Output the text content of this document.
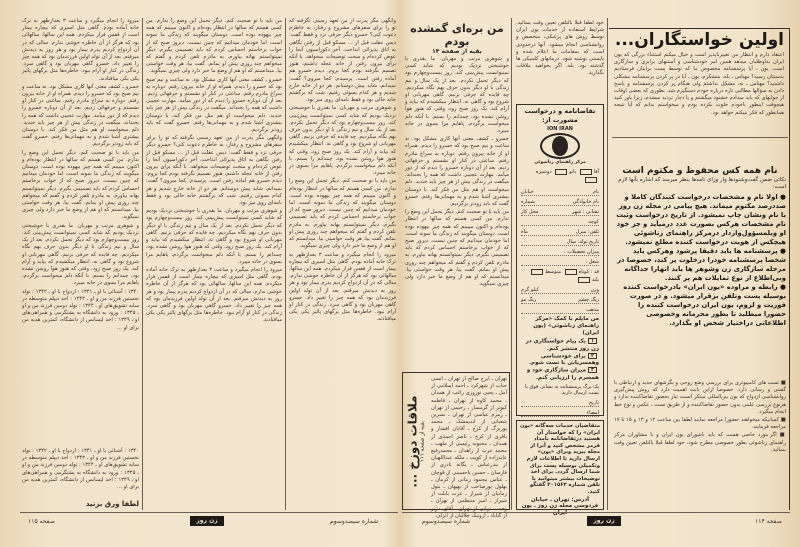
وانگهی مگر پدرت از من تعهد رسمی نگرفته که تو را برای سفرهای مشروح و رفتار، به خاطرم دعوت کنی؟ خسرو دیگر حرفی نزد و فقط گفت: دیس عقلت قبل از ... مسکو قبل از رفتن نگاهی به اتاق پذیرائی انداخت. آخر دکوراسیون آنجا را عوض کرده‌ام و سخت توضیحات میخواهد. با آنکه برای بیرون رفتن از خانه عجله داشتم، هنوز تصمیم نگرفته بودم کجا بروم. دیدم خسرو هم آماده رفتن است. پرسیدم: کجا میروی؟ گفت: نمیدانم، شاید پیش دوستانم. هر دو از خانه خارج شدیم و هر کدام بسوئی رفتیم. شب که برگشتم خانه خالی بود و فقط نامه‌ای روی میز بود.

و شوهری مرتب و مهربان. ما بقدری با خوشبختی نزدیک بودیم که شاید کسی نمیتوانست پیش‌بینی کند. روز بیست‌وچهارم بود که دیگر تحمل نکردم. بعد از یک سال و نیم زندگی با او دیگر بدون حرف بهم نگاه میکردیم. چه فایده که حرفی بزنیم. گاهی مهربانی او شروع بود و گاهی نه. انتظار میکشیدم که بیاید و آرام کند. یک روز صبح زود، وقتی که هنوز هوا روشن نشده بود، چمدانم را بستم. با آنکه دلم میخواست برگردم، پاهایم مرا بسوی در خانه میبرد.

من باید با تو صحبت کنم. دیگر تحمل این وضع را ندارم. من کسی هستم که سالها در انتظار بوده‌ام و اکنون میبینم که همه چیز بیهوده بوده است. دوستان میگویند که زندگی ما نمونه است، اما خودمان میدانیم که چنین نیست. دیروز صبح که از خواب برخاستم احساس کردم که باید تصمیمی بگیرم. دیگر نمیتوانستم بهانه بیاورم. به مادرم تلفن کردم و گفتم که میخواهم چند روزی پیش او بمانم. گفت بیا، هر وقت خواستی بیا. میدانستم که او هم از وضع ما خبر دارد ولی چیزی نمیگوید.

میرود را انجام میگیرد و ساعت ۳ بعدازظهر به ترک خانه آماده بودم. گاهی مثل اسیری که بیچاره بیمار است از قفس فرار میکردم. همه این سالها، سالهائی بود که هرگز از آن خاطره خوشی ندارم. سالی که در آن ازدواج کردیم پدرم بیمار بود و هر روز به دیدنش میرفتم. بعد از آن تولد اولین فرزندمان بود که همه چیز را تغییر داد. خسرو گاهی مهربان بود و گاهی سرد. زندگی در کنار او آرام نبود. خاطره‌ها مثل برگهای پائیز یکی یکی میافتادند.

من باید با تو صحبت کنم. دیگر تحمل این وضع را ندارم. من کسی هستم که سالها در انتظار بوده‌ام و اکنون میبینم که همه چیز بیهوده بوده است. دوستان میگویند که زندگی ما نمونه است، اما خودمان میدانیم که چنین نیست. دیروز صبح که از خواب برخاستم احساس کردم که باید تصمیمی بگیرم. دیگر نمیتوانستم بهانه بیاورم. به مادرم تلفن کردم و گفتم که میخواهم چند روزی پیش او بمانم. گفت بیا، هر وقت خواستی بیا. میدانستم که او هم از وضع ما خبر دارد ولی چیزی نمیگوید.

خسرو ـ کشف معنی آنها کاری مشکل بود. نه ساعت و نیم صبح بود که خسرو را دیدم. همراه او از خانه بیرون رفتم. دوباره به سراغ مادرم رفتم. ساعتی در کنار او نشستم و حرفهائی زدیم. بعد از آن دوباره خسرو را دیدم که از دور میآمد. مهارت عجیبی داشت که همه را بخنداند. میگفت در زندگی بیش از هر چیز باید خندید. دلم میخواست او هم مثل من فکر کند. با دوستان بیشتری آشنا شدم و به مهمانی‌ها رفتم. خسرو گفت که باید زودتر برگردیم.

وانگهی مگر پدرت از من تعهد رسمی نگرفته که تو را برای سفرهای مشروح و رفتار، به خاطرم دعوت کنی؟ خسرو دیگر حرفی نزد و فقط گفت: دیس عقلت قبل از ... مسکو قبل از رفتن نگاهی به اتاق پذیرائی انداخت. آخر دکوراسیون آنجا را عوض کرده‌ام و سخت توضیحات میخواهد. با آنکه برای بیرون رفتن از خانه عجله داشتم، هنوز تصمیم نگرفته بودم کجا بروم. دیدم خسرو هم آماده رفتن است. پرسیدم: کجا میروی؟ گفت: نمیدانم، شاید پیش دوستانم. هر دو از خانه خارج شدیم و هر کدام بسوئی رفتیم. شب که برگشتم خانه خالی بود و فقط نامه‌ای روی میز بود.

و شوهری مرتب و مهربان. ما بقدری با خوشبختی نزدیک بودیم که شاید کسی نمیتوانست پیش‌بینی کند. روز بیست‌وچهارم بود که دیگر تحمل نکردم. بعد از یک سال و نیم زندگی با او دیگر بدون حرف بهم نگاه میکردیم. چه فایده که حرفی بزنیم. گاهی مهربانی او شروع بود و گاهی نه. انتظار میکشیدم که بیاید و آرام کند. یک روز صبح زود، وقتی که هنوز هوا روشن نشده بود، چمدانم را بستم. با آنکه دلم میخواست برگردم، پاهایم مرا بسوی در خانه میبرد.

میرود را انجام میگیرد و ساعت ۳ بعدازظهر به ترک خانه آماده بودم. گاهی مثل اسیری که بیچاره بیمار است از قفس فرار میکردم. همه این سالها، سالهائی بود که هرگز از آن خاطره خوشی ندارم. سالی که در آن ازدواج کردیم پدرم بیمار بود و هر روز به دیدنش میرفتم. بعد از آن تولد اولین فرزندمان بود که همه چیز را تغییر داد. خسرو گاهی مهربان بود و گاهی سرد. زندگی در کنار او آرام نبود. خاطره‌ها مثل برگهای پائیز یکی یکی میافتادند.

میرود را انجام میگیرد و ساعت ۳ بعدازظهر به ترک خانه آماده بودم. گاهی مثل اسیری که بیچاره بیمار است از قفس فرار میکردم. همه این سالها، سالهائی بود که هرگز از آن خاطره خوشی ندارم. سالی که در آن ازدواج کردیم پدرم بیمار بود و هر روز به دیدنش میرفتم. بعد از آن تولد اولین فرزندمان بود که همه چیز را تغییر داد. خسرو گاهی مهربان بود و گاهی سرد. زندگی در کنار او آرام نبود. خاطره‌ها مثل برگهای پائیز یکی یکی میافتادند.

خسرو ـ کشف معنی آنها کاری مشکل بود. نه ساعت و نیم صبح بود که خسرو را دیدم. همراه او از خانه بیرون رفتم. دوباره به سراغ مادرم رفتم. ساعتی در کنار او نشستم و حرفهائی زدیم. بعد از آن دوباره خسرو را دیدم که از دور میآمد. مهارت عجیبی داشت که همه را بخنداند. میگفت در زندگی بیش از هر چیز باید خندید. دلم میخواست او هم مثل من فکر کند. با دوستان بیشتری آشنا شدم و به مهمانی‌ها رفتم. خسرو گفت که باید زودتر برگردیم.

من باید با تو صحبت کنم. دیگر تحمل این وضع را ندارم. من کسی هستم که سالها در انتظار بوده‌ام و اکنون میبینم که همه چیز بیهوده بوده است. دوستان میگویند که زندگی ما نمونه است، اما خودمان میدانیم که چنین نیست. دیروز صبح که از خواب برخاستم احساس کردم که باید تصمیمی بگیرم. دیگر نمیتوانستم بهانه بیاورم. به مادرم تلفن کردم و گفتم که میخواهم چند روزی پیش او بمانم. گفت بیا، هر وقت خواستی بیا. میدانستم که او هم از وضع ما خبر دارد ولی چیزی نمیگوید.

و شوهری مرتب و مهربان. ما بقدری با خوشبختی نزدیک بودیم که شاید کسی نمیتوانست پیش‌بینی کند. روز بیست‌وچهارم بود که دیگر تحمل نکردم. بعد از یک سال و نیم زندگی با او دیگر بدون حرف بهم نگاه میکردیم. چه فایده که حرفی بزنیم. گاهی مهربانی او شروع بود و گاهی نه. انتظار میکشیدم که بیاید و آرام کند. یک روز صبح زود، وقتی که هنوز هوا روشن نشده بود، چمدانم را بستم. با آنکه دلم میخواست برگردم، پاهایم مرا بسوی در خانه میبرد.

۱۳۴۰ : آشنائی با او ـ ۱۳۴۱ : ازدواج با او ـ ۱۳۴۲ : تولد نخستین فرزند من و او ـ ۱۳۴۳ : اخذ دیپلم متوسطه در سایه تشویق‌های او ـ ۱۳۴۴ : تولد دومین فرزند من و او ـ ۱۳۴۵ : ورود به دانشگاه به پشتگرمی و همراهی‌های او ـ ۱۳۴۹ : اخذ لیسانس از دانشگاه، کمترین هدیه من برای او ...

۱۳۴۰ : آشنائی با او ـ ۱۳۴۱ : ازدواج با او ـ ۱۳۴۲ : تولد نخستین فرزند من و او ـ ۱۳۴۳ : اخذ دیپلم متوسطه در سایه تشویق‌های او ـ ۱۳۴۴ : تولد دومین فرزند من و او ـ ۱۳۴۵ : ورود به دانشگاه به پشتگرمی و همراهی‌های او ـ ۱۳۴۹ : اخذ لیسانس از دانشگاه، کمترین هدیه من برای او ...

لطفا ورق بزنید
صفحه ۱۱۵	زن روز	شماره سیصدوسوم
من بره‌ای گمشده بودم
بقیه از صفحه ۱۴

و شوهری مرتب و مهربان. ما بقدری با خوشبختی نزدیک بودیم که شاید کسی نمیتوانست پیش‌بینی کند. روز بیست‌وچهارم بود که دیگر تحمل نکردم. بعد از یک سال و نیم زندگی با او دیگر بدون حرف بهم نگاه میکردیم. چه فایده که حرفی بزنیم. گاهی مهربانی او شروع بود و گاهی نه. انتظار میکشیدم که بیاید و آرام کند. یک روز صبح زود، وقتی که هنوز هوا روشن نشده بود، چمدانم را بستم. با آنکه دلم میخواست برگردم، پاهایم مرا بسوی در خانه میبرد.

خسرو ـ کشف معنی آنها کاری مشکل بود. نه ساعت و نیم صبح بود که خسرو را دیدم. همراه او از خانه بیرون رفتم. دوباره به سراغ مادرم رفتم. ساعتی در کنار او نشستم و حرفهائی زدیم. بعد از آن دوباره خسرو را دیدم که از دور میآمد. مهارت عجیبی داشت که همه را بخنداند. میگفت در زندگی بیش از هر چیز باید خندید. دلم میخواست او هم مثل من فکر کند. با دوستان بیشتری آشنا شدم و به مهمانی‌ها رفتم. خسرو گفت که باید زودتر برگردیم.

من باید با تو صحبت کنم. دیگر تحمل این وضع را ندارم. من کسی هستم که سالها در انتظار بوده‌ام و اکنون میبینم که همه چیز بیهوده بوده است. دوستان میگویند که زندگی ما نمونه است، اما خودمان میدانیم که چنین نیست. دیروز صبح که از خواب برخاستم احساس کردم که باید تصمیمی بگیرم. دیگر نمیتوانستم بهانه بیاورم. به مادرم تلفن کردم و گفتم که میخواهم چند روزی پیش او بمانم. گفت بیا، هر وقت خواستی بیا. میدانستم که او هم از وضع ما خبر دارد ولی چیزی نمیگوید.

ملاقات دوزخ ... بقیه از صفحه ۱۱۱
تهران ـ ایرج صالح از تهران ـ انسی جناب از شهرکرد ـ احمد اسلامی از آمل ـ یحیی نوروزی راغب از همدان ـ محمد کاوه از تهران ـ فاطمه کیوتر از گرمسار ـ رحیمی از تهران ـ زمزم عباسی از تهران ـ نسرین شعبانی از اندیمشک ـ محمد پوربرگ از کرج ـ آقایان افشار و باقری از کرج ـ ناصر احمدی از همدان ـ محبوبه رئیسی از ملهب ـ محمد عرب از زاهدان ـ محمدرفیع عابدزاده از کویت ـ ملکه عبداللهیان از بندرعباس ـ یگانه نادری از فارسان ـ حسین یاحسینی از قوچان ـ عباس محمود زمانی از کرمان ـ بهلول پورصاحب از بهبهان ـ بتول زمانیان از شیراز ـ عزت بابلت از شیراز ـ امیر منتظمی از تهران ـ رحمت ترابی از تهران ـ آقای مزیر از گناباد ـ آروتیک جلالیان از انزلی.
تقاضانامه و درخواست مشورت از:
ION IRAN
مرکز راهنمای زناشوئی
آقا بانو دوشیزه
نام
خیابان
نام خانوادگی
شماره
نشانی : شهر
محل کار
کوچه
تلفن: منزل
ماه
تاریخ تولد: سال
میزان تحصیلات :
شغل :
قد : کوتاه متوسط بلند
وزن
کیلو گرم
رنگ چشم
رنگ مو
مذهب
من مایلم با کمک «مرکز راهنمای زناشوئی» (یون ایران)
۱یک پیام خواستگاری در زن روز منتشر کنم.
۲برای خودشناسی وهمسریابی با تست شوم.
۳میزان سازگاری خود و همسرم را ارزیابی کنم.
یک برگ پرسشنامه به نشانی فوق با پست ارسال دارید.
تاریخ
امضاء

خود لطفا قبلا بالتلفن تعیین وقت بنمائید. شرایط استفاده از خدمات یون ایران توسط روش های پزشکی، متخصص و روانشناسی انجام میشود. آنها درحدودی است که بمقامات ما اعلام شده و بایستی نوشته شود. درمانهای کلینیکی ها گذشته بود، بله، اگر بخواهید ملاقات بگذارید.

متقاضیان خدمات سه‌گانه «یون ایران» را که خواستار آن هستید درتقاضانامه بامداد قرمز مشخص کنید و آنرا از مجله ببرید وبرای «یون» ارسال دارید تا اطلاعات لازم وتکمیلی بوسیله پست برای شما ارسال گردد. برای اخذ توضیحات بیشتر میتوانید با تلفن شماره ۳۰۱۵۶۲ گفتگو کنید.
آدرس: تهران ـ خیابان فردوسی مجله زن روز ـ یون
اولین خواستگاران...

اعتقاد دارم و انتظار من تغییرناپذیر است و خیال میکنم استثناء بزرگی که یون ایران بداوطلبان میدهد همین امر خودشناسی و آستنهای برابری و سازگاری است. یون ـ آیا پرسشنامه مخصوص ما که توسط پست برایتان فرستادیم بدستتان رسید؟ مهناس ـ بله، متشکرم. یون ـ آیا در پر کردن پرسشنامه مشکلی داشتید؟ مهناس ـ نه، مشکل نداشتم ولی هنگام پر کردن پرسشنامه و پاسخ دادن به سؤالها مطالبی تازه درباره خودم دستگیرم شد. بطوری که بعضی اوقات از جوابهای که باید میدادم خشنود میگشتم و یا دچار تردید میشدم، زیرا باور کنید هیچوقت اینطور باخودم خلوت نکرده بودم و میخواستم بدانم که آیا نتیجه همانطور که فکر میکنم خواهد بود.

نام همه کس محفوظ و مکتوم است
نکاتی ضمن گفت‌وشنودها وار ورای نامه‌ها بنظر میرسد که اشاره بآنها لازم است:
● اولا نام و مشخصات درخواست کنندگان کاملا و صددرصد مکتوم میماند. هیچ پیامی در مجله زن روز با نام ونشان چاپ نمیشود. از تاریخ درخواست وثبت نام مشخصات هرکس بصورت عدد درمیآید و جز خود او وبلمسؤول‌واردار درمرکز راهنمای زناشوئی هیچکس از هویت درخواست کننده مطلع نمیشود.
● پرسشنامه ها باید دقیقا پرشود وهرکس باید شخصا پرسشنامه خودرا درخلوت پر کند، خصوصا در مرحله سازگاری زن وشوهر ها باید انهارا جداگانه وبی‌اطلاع از نوع تمایلات هم پر کنند.
● رابطه و مراوده «یون ایران» بادرخواست کننده بوسیله پست وتلفن برقرار میشود. و در صورت فوریت و لزوم، یون ایران درخواست کننده را حضورا میطلبد تا بطور محرمانه وخصوصی اطلاعاتی دراختیار شخص او بگذارد.

■ تست های کامپیوتری برای بررسی وضع روحی و نگرشهای جدید و ارتباطی با گفتنی و رسانی دارد. خصوصا ازاین بابت اهمیت دارد که روش پیش‌گیری روانشناسی ازدواج که یون بین‌المللی مبتکر آنست نیاز بحضور تقاضاکننده ندارد و هرنوع بررسی علمی بدون حضور تقاضاکننده و از طریق تست ـ عکس و نوع خط انجام میگیرد.

■ کسانیکه میخواهند حضورا مراجعه نمایند لطفا بین ساعت ۱۲ و ۱۳ و ۱۵ تا ۱۷ مراجعه فرمایند.

■ اگر مورد خاصی هست که باید باشورای یون ایران و با مشاوران مرکز راهنمای زناشوئی بطور خصوصی مطرح شود، خود لطفا قبلا بالتلفن تعیین وقت بنمائید.

شماره سیصدوسوم	زن روز	صفحه ۱۱۴
